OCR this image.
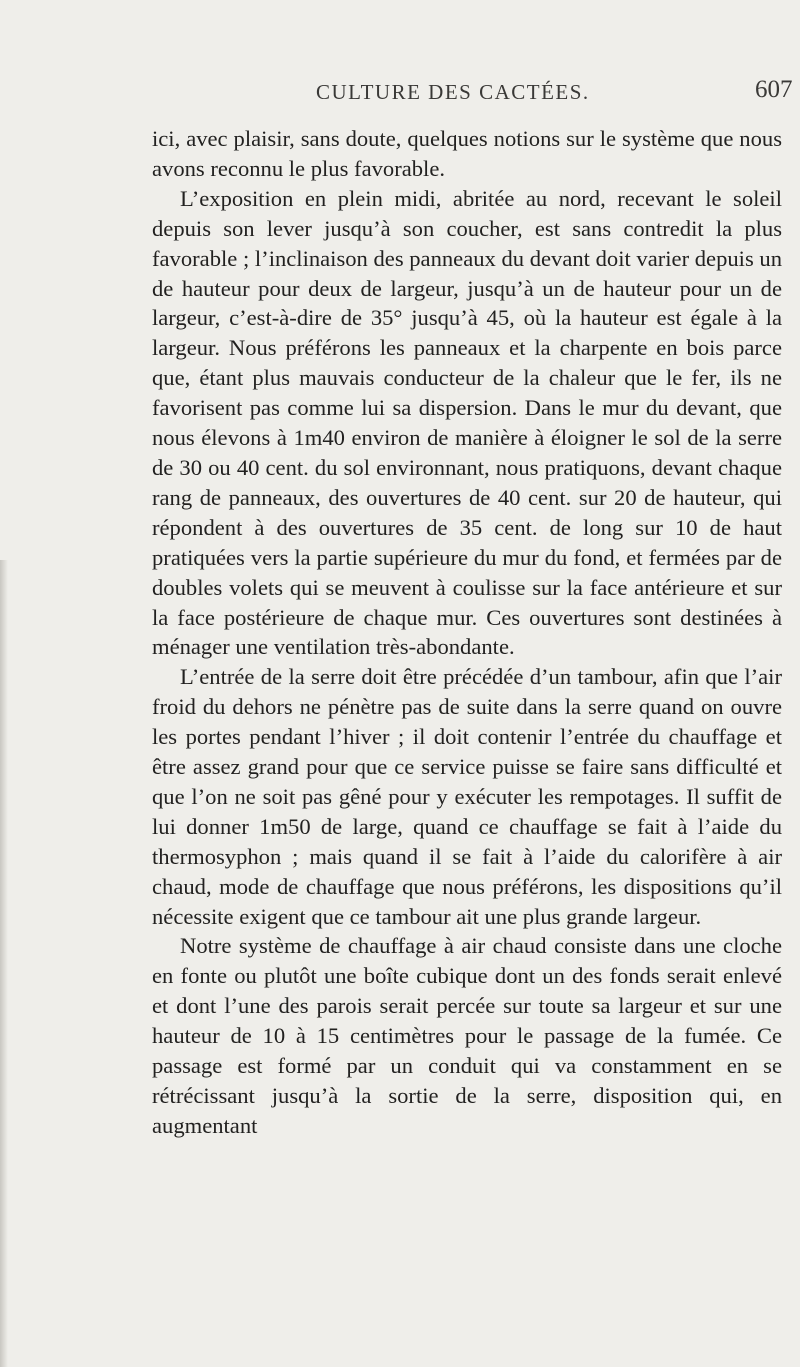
CULTURE DES CACTÉES.	607

ici, avec plaisir, sans doute, quelques notions sur le système que nous avons reconnu le plus favorable.

L’exposition en plein midi, abritée au nord, recevant le soleil depuis son lever jusqu’à son coucher, est sans contredit la plus favorable ; l’inclinaison des panneaux du devant doit varier depuis un de hauteur pour deux de largeur, jusqu’à un de hauteur pour un de largeur, c’est-à-dire de 35° jusqu’à 45, où la hauteur est égale à la largeur. Nous préférons les panneaux et la charpente en bois parce que, étant plus mauvais conducteur de la chaleur que le fer, ils ne favorisent pas comme lui sa dispersion. Dans le mur du devant, que nous élevons à 1m40 environ de manière à éloigner le sol de la serre de 30 ou 40 cent. du sol environnant, nous pratiquons, devant chaque rang de panneaux, des ouvertures de 40 cent. sur 20 de hauteur, qui répondent à des ouvertures de 35 cent. de long sur 10 de haut pratiquées vers la partie supérieure du mur du fond, et fermées par de doubles volets qui se meuvent à coulisse sur la face antérieure et sur la face postérieure de chaque mur. Ces ouvertures sont destinées à ménager une ventilation très-abondante.

L’entrée de la serre doit être précédée d’un tambour, afin que l’air froid du dehors ne pénètre pas de suite dans la serre quand on ouvre les portes pendant l’hiver ; il doit contenir l’entrée du chauffage et être assez grand pour que ce service puisse se faire sans difficulté et que l’on ne soit pas gêné pour y exécuter les rempotages. Il suffit de lui donner 1m50 de large, quand ce chauffage se fait à l’aide du thermosyphon ; mais quand il se fait à l’aide du calorifère à air chaud, mode de chauffage que nous préférons, les dispositions qu’il nécessite exigent que ce tambour ait une plus grande largeur.

Notre système de chauffage à air chaud consiste dans une cloche en fonte ou plutôt une boîte cubique dont un des fonds serait enlevé et dont l’une des parois serait percée sur toute sa largeur et sur une hauteur de 10 à 15 centimètres pour le passage de la fumée. Ce passage est formé par un conduit qui va constamment en se rétrécissant jusqu’à la sortie de la serre, disposition qui, en augmentant
